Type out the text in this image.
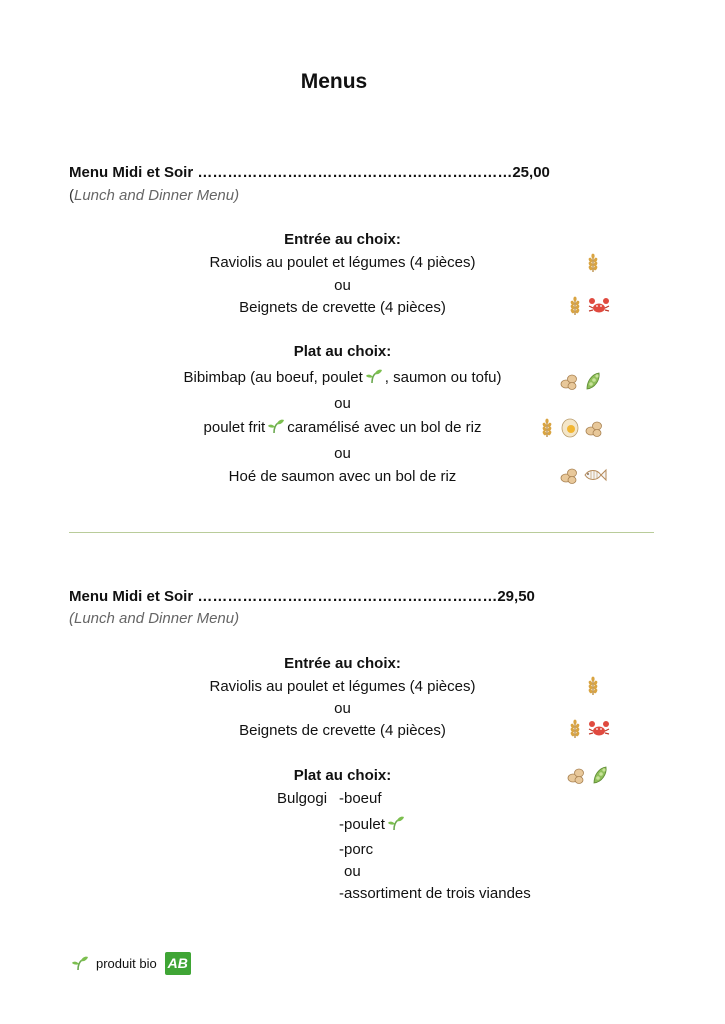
Menus
Menu Midi et Soir ………………………………………………………25,00
(Lunch and Dinner Menu)
Entrée au choix:
Raviolis au poulet et légumes (4 pièces)
ou
Beignets de crevette (4 pièces)
Plat au choix:
Bibimbap (au boeuf, poulet , saumon ou tofu)
ou
poulet frit caramélisé avec un bol de riz
ou
Hoé de saumon avec un bol de riz
Menu Midi et Soir ……………………………………………………29,50
(Lunch and Dinner Menu)
Entrée au choix:
Raviolis au poulet et légumes (4 pièces)
ou
Beignets de crevette (4 pièces)
Plat au choix:
Bulgogi -boeuf
-poulet
-porc
ou
-assortiment de trois viandes
produit bio AB
